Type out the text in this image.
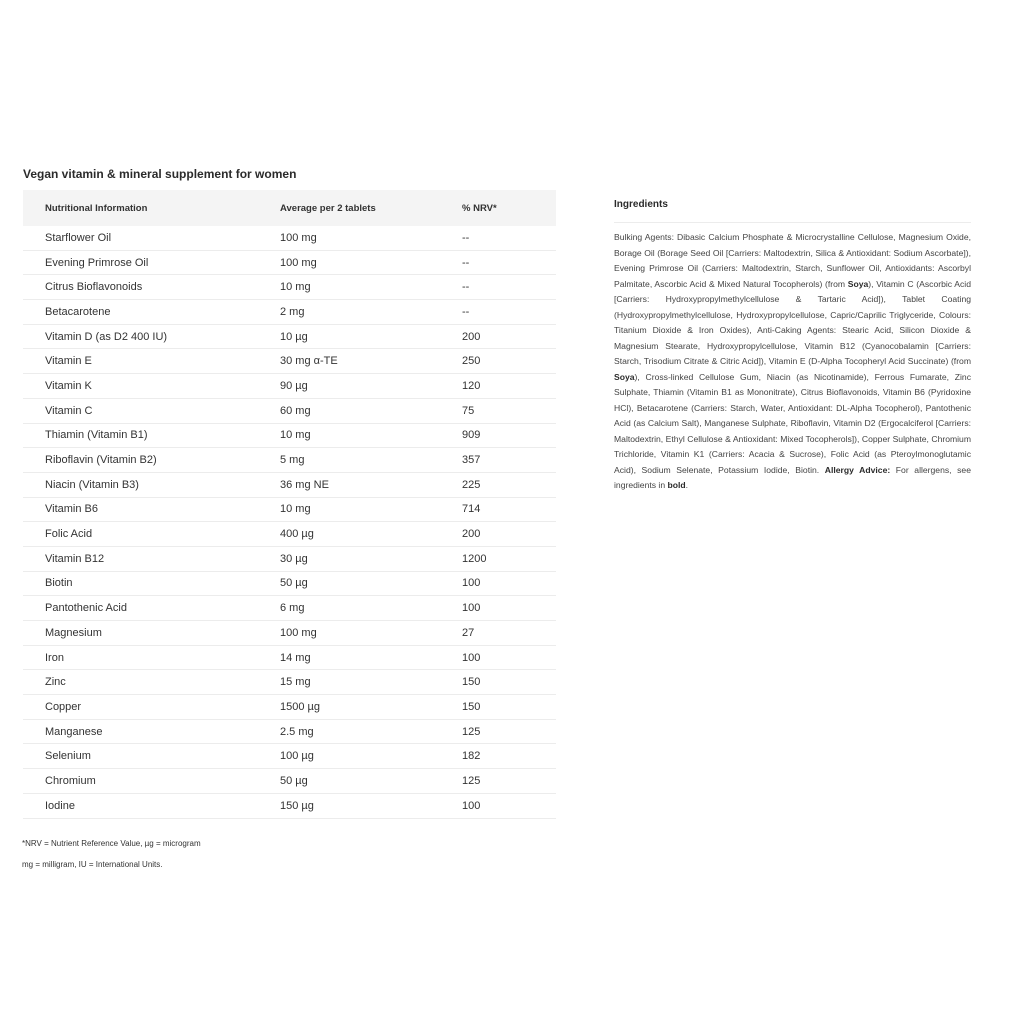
Vegan vitamin & mineral supplement for women
Nutritional Information	Average per 2 tablets	% NRV*
Starflower Oil	100 mg	--
Evening Primrose Oil	100 mg	--
Citrus Bioflavonoids	10 mg	--
Betacarotene	2 mg	--
Vitamin D (as D2 400 IU)	10 µg	200
Vitamin E	30 mg α-TE	250
Vitamin K	90 µg	120
Vitamin C	60 mg	75
Thiamin (Vitamin B1)	10 mg	909
Riboflavin (Vitamin B2)	5 mg	357
Niacin (Vitamin B3)	36 mg NE	225
Vitamin B6	10 mg	714
Folic Acid	400 µg	200
Vitamin B12	30 µg	1200
Biotin	50 µg	100
Pantothenic Acid	6 mg	100
Magnesium	100 mg	27
Iron	14 mg	100
Zinc	15 mg	150
Copper	1500 µg	150
Manganese	2.5 mg	125
Selenium	100 µg	182
Chromium	50 µg	125
Iodine	150 µg	100

*NRV = Nutrient Reference Value, µg = microgram

mg = milligram, IU = International Units.

Ingredients

Bulking Agents: Dibasic Calcium Phosphate & Microcrystalline Cellulose, Magnesium Oxide, Borage Oil (Borage Seed Oil [Carriers: Maltodextrin, Silica & Antioxidant: Sodium Ascorbate]), Evening Primrose Oil (Carriers: Maltodextrin, Starch, Sunflower Oil, Antioxidants: Ascorbyl Palmitate, Ascorbic Acid & Mixed Natural Tocopherols) (from Soya), Vitamin C (Ascorbic Acid [Carriers: Hydroxypropylmethylcellulose & Tartaric Acid]), Tablet Coating (Hydroxypropylmethylcellulose, Hydroxypropylcellulose, Capric/Caprilic Triglyceride, Colours: Titanium Dioxide & Iron Oxides), Anti-Caking Agents: Stearic Acid, Silicon Dioxide & Magnesium Stearate, Hydroxypropylcellulose, Vitamin B12 (Cyanocobalamin [Carriers: Starch, Trisodium Citrate & Citric Acid]), Vitamin E (D-Alpha Tocopheryl Acid Succinate) (from Soya), Cross-linked Cellulose Gum, Niacin (as Nicotinamide), Ferrous Fumarate, Zinc Sulphate, Thiamin (Vitamin B1 as Mononitrate), Citrus Bioflavonoids, Vitamin B6 (Pyridoxine HCl), Betacarotene (Carriers: Starch, Water, Antioxidant: DL-Alpha Tocopherol), Pantothenic Acid (as Calcium Salt), Manganese Sulphate, Riboflavin, Vitamin D2 (Ergocalciferol [Carriers: Maltodextrin, Ethyl Cellulose & Antioxidant: Mixed Tocopherols]), Copper Sulphate, Chromium Trichloride, Vitamin K1 (Carriers: Acacia & Sucrose), Folic Acid (as Pteroylmonoglutamic Acid), Sodium Selenate, Potassium Iodide, Biotin. Allergy Advice: For allergens, see ingredients in bold.
